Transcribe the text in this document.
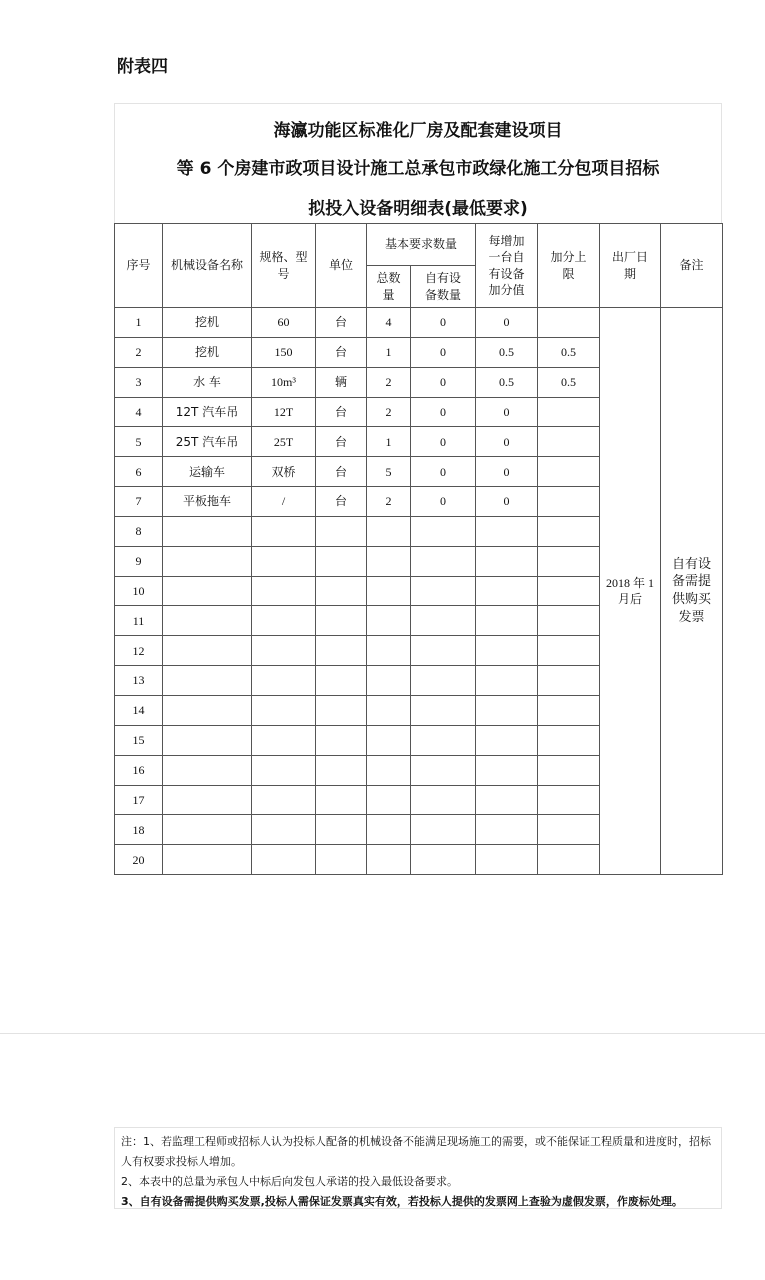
附表四
海瀛功能区标准化厂房及配套建设项目
等 6 个房建市政项目设计施工总承包市政绿化施工分包项目招标
拟投入设备明细表(最低要求)
序号	机械设备名称	规格、型号	单位	基本要求数量		每增加一台自有设备加分值	加分上限	出厂日期	备注
				总数量	自有设备数量				
1	挖机	60	台	4	0	0		2018 年 1 月后	自有设备需提供购买发票
2	挖机	150	台	1	0	0.5	0.5		
3	水 车	10m³	辆	2	0	0.5	0.5		
4	12T 汽车吊	12T	台	2	0	0			
5	25T 汽车吊	25T	台	1	0	0			
6	运输车	双桥	台	5	0	0			
7	平板拖车	/	台	2	0	0			
8									
9									
10									
11									
12									
13									
14									
15									
16									
17									
18									
20									
注：1、若监理工程师或招标人认为投标人配备的机械设备不能满足现场施工的需要，或不能保证工程质量和进度时，招标人有权要求投标人增加。
2、本表中的总量为承包人中标后向发包人承诺的投入最低设备要求。
3、自有设备需提供购买发票,投标人需保证发票真实有效，若投标人提供的发票网上查验为虚假发票，作废标处理。
